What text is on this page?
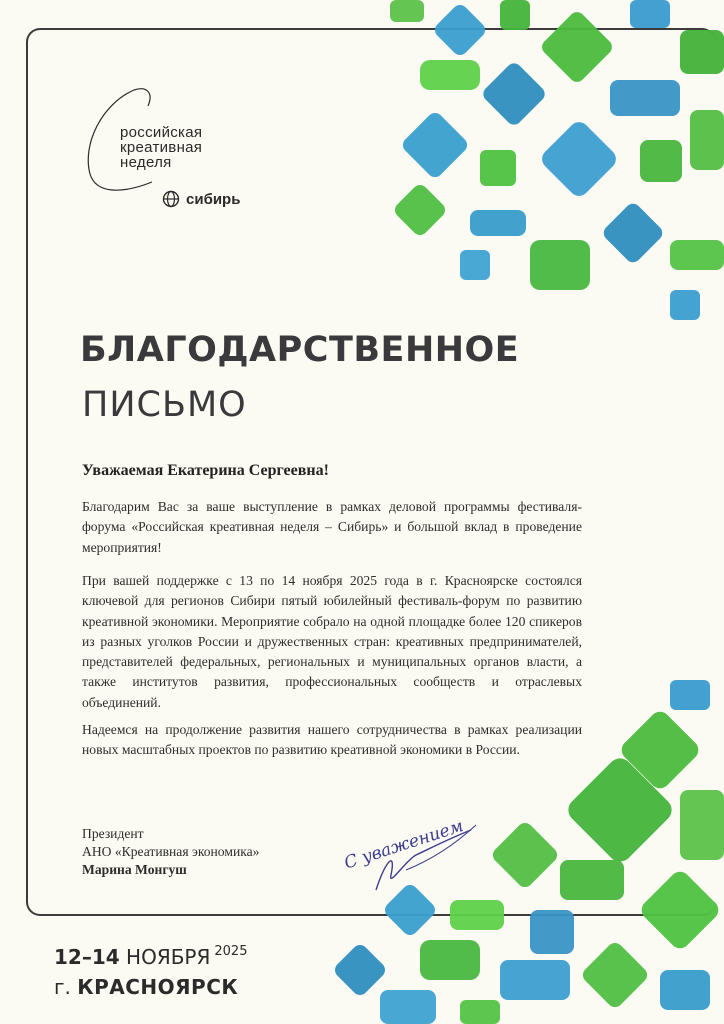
российская
креативная
неделя
сибирь
БЛАГОДАРСТВЕННОЕ
ПИСЬМО
Уважаемая Екатерина Сергеевна!
Благодарим Вас за ваше выступление в рамках деловой программы фестиваля-форума «Российская креативная неделя – Сибирь» и большой вклад в проведение мероприятия!
При вашей поддержке с 13 по 14 ноября 2025 года в г. Красноярске состоялся ключевой для регионов Сибири пятый юбилейный фестиваль-форум по развитию креативной экономики. Мероприятие собрало на одной площадке более 120 спикеров из разных уголков России и дружественных стран: креативных предпринимателей, представителей федеральных, региональных и муниципальных органов власти, а также институтов развития, профессиональных сообществ и отраслевых объединений.
Надеемся на продолжение развития нашего сотрудничества в рамках реализации новых масштабных проектов по развитию креативной экономики в России.
Президент
АНО «Креативная экономика»
Марина Монгуш	С уважением
12–14 НОЯБРЯ $^{2025}$
г. КРАСНОЯРСК
